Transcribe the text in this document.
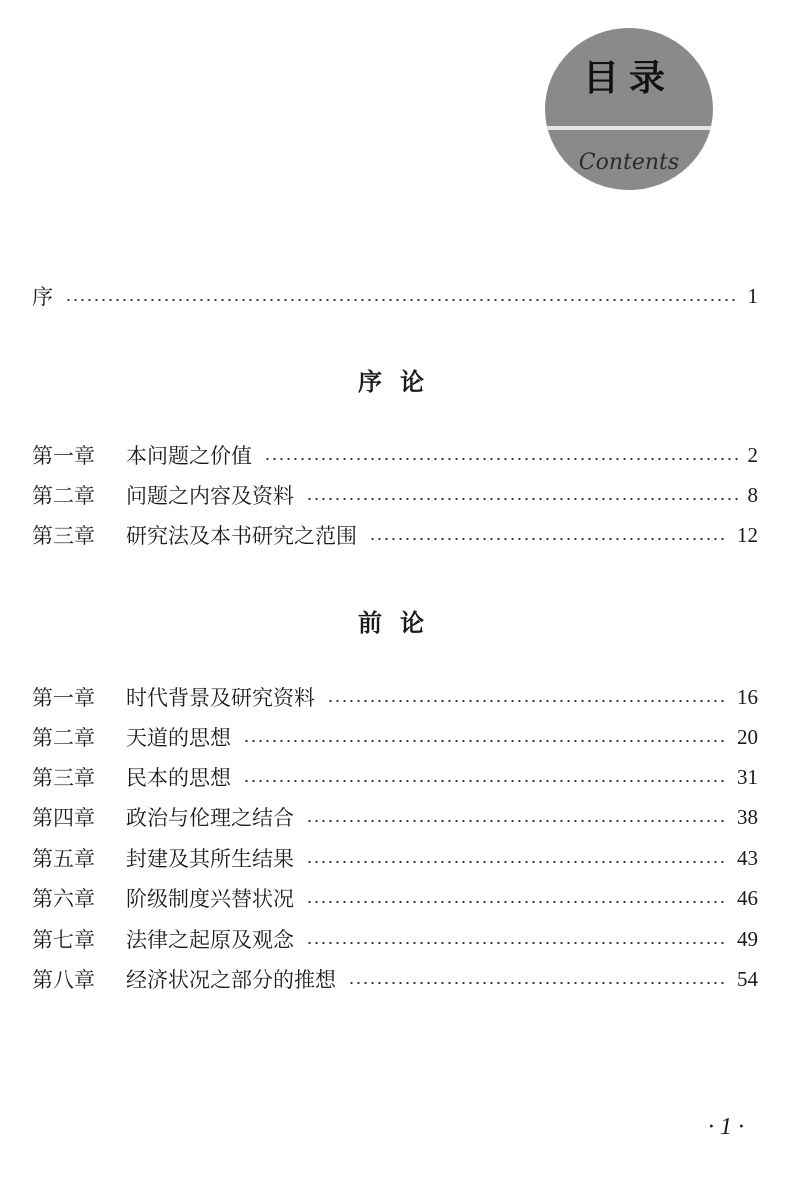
目录
Contents
序	1
序论
第一章	本问题之价值	2
第二章	问题之内容及资料	8
第三章	研究法及本书研究之范围	12
前论
第一章	时代背景及研究资料	16
第二章	天道的思想	20
第三章	民本的思想	31
第四章	政治与伦理之结合	38
第五章	封建及其所生结果	43
第六章	阶级制度兴替状况	46
第七章	法律之起原及观念	49
第八章	经济状况之部分的推想	54
· 1 ·
